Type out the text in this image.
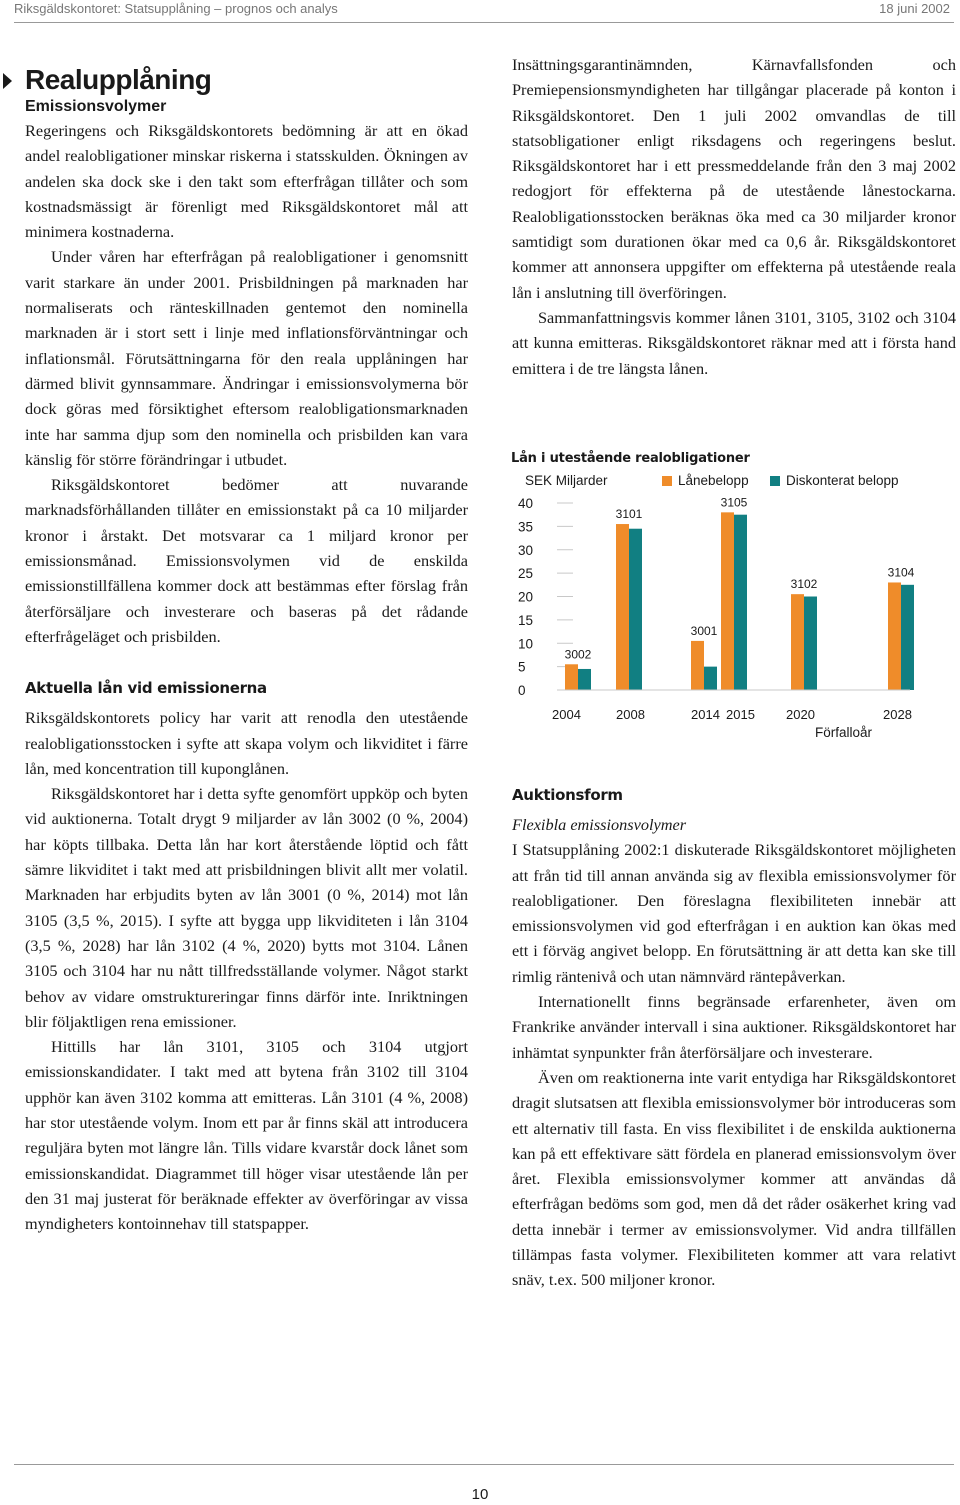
Riksgäldskontoret: Statsupplåning – prognos och analys	18 juni 2002
Realupplåning
Emissionsvolymer

Regeringens och Riksgäldskontorets bedömning är att en ökad andel realobligationer minskar riskerna i statsskulden. Ökningen av andelen ska dock ske i den takt som efterfrågan tillåter och som kostnadsmässigt är förenligt med Riksgäldskontoret mål att minimera kostnaderna.

Under våren har efterfrågan på realobligationer i genomsnitt varit starkare än under 2001. Prisbildningen på marknaden har normaliserats och ränteskillnaden gentemot den nominella marknaden är i stort sett i linje med inflationsförväntningar och inflationsmål. Förutsättningarna för den reala upplåningen har därmed blivit gynnsammare. Ändringar i emissionsvolymerna bör dock göras med försiktighet eftersom realobligationsmarknaden inte har samma djup som den nominella och prisbilden kan vara känslig för större förändringar i utbudet.

Riksgäldskontoret bedömer att nuvarande marknadsförhållanden tillåter en emissionstakt på ca 10 miljarder kronor i årstakt. Det motsvarar ca 1 miljard kronor per emissionsmånad. Emissionsvolymen vid de enskilda emissionstillfällena kommer dock att bestämmas efter förslag från återförsäljare och investerare och baseras på det rådande efterfrågeläget och prisbilden.

Aktuella lån vid emissionerna

Riksgäldskontorets policy har varit att renodla den utestående realobligationsstocken i syfte att skapa volym och likviditet i färre lån, med koncentration till kuponglånen.

Riksgäldskontoret har i detta syfte genomfört uppköp och byten vid auktionerna. Totalt drygt 9 miljarder av lån 3002 (0 %, 2004) har köpts tillbaka. Detta lån har kort återstående löptid och fått sämre likviditet i takt med att prisbildningen blivit allt mer volatil. Marknaden har erbjudits byten av lån 3001 (0 %, 2014) mot lån 3105 (3,5 %, 2015). I syfte att bygga upp likviditeten i lån 3104 (3,5 %, 2028) har lån 3102 (4 %, 2020) bytts mot 3104. Lånen 3105 och 3104 har nu nått tillfredsställande volymer. Något starkt behov av vidare omstruktureringar finns därför inte. Inriktningen blir följaktligen rena emissioner.

Hittills har lån 3101, 3105 och 3104 utgjort emissionskandidater. I takt med att bytena från 3102 till 3104 upphör kan även 3102 komma att emitteras. Lån 3101 (4 %, 2008) har stor utestående volym. Inom ett par år finns skäl att introducera reguljära byten mot längre lån. Tills vidare kvarstår dock lånet som emissionskandidat. Diagrammet till höger visar utestående lån per den 31 maj justerat för beräknade effekter av överföringar av vissa myndigheters kontoinnehav till statspapper.

Insättningsgarantinämnden, Kärnavfallsfonden och Premiepensionsmyndigheten har tillgångar placerade på konton i Riksgäldskontoret. Den 1 juli 2002 omvandlas de till statsobligationer enligt riksdagens och regeringens beslut. Riksgäldskontoret har i ett pressmeddelande från den 3 maj 2002 redogjort för effekterna på de utestående lånestockarna. Realobligationsstocken beräknas öka med ca 30 miljarder kronor samtidigt som durationen ökar med ca 0,6 år. Riksgäldskontoret kommer att annonsera uppgifter om effekterna på utestående reala lån i anslutning till överföringen.

Sammanfattningsvis kommer lånen 3101, 3105, 3102 och 3104 att kunna emitteras. Riksgäldskontoret räknar med att i första hand emittera i de tre längsta lånen.

Lån i utestående realobligationer
SEK Miljarder	Lånebelopp	Diskonterat belopp
0
5
10
15
20
25
30
35
40
3002
3101
3001
3105
3102
3104
2004	2008	2014 2015 2020	2028
Förfalloår
Auktionsform
Flexibla emissionsvolymer

I Statsupplåning 2002:1 diskuterade Riksgäldskontoret möjligheten att från tid till annan använda sig av flexibla emissionsvolymer för realobligationer. Den föreslagna flexibiliteten innebär att emissionsvolymen vid god efterfrågan i en auktion kan ökas med ett i förväg angivet belopp. En förutsättning är att detta kan ske till rimlig räntenivå och utan nämnvärd räntepåverkan.

Internationellt finns begränsade erfarenheter, även om Frankrike använder intervall i sina auktioner. Riksgäldskontoret har inhämtat synpunkter från återförsäljare och investerare.

Även om reaktionerna inte varit entydiga har Riksgäldskontoret dragit slutsatsen att flexibla emissionsvolymer bör introduceras som ett alternativ till fasta. En viss flexibilitet i de enskilda auktionerna kan på ett effektivare sätt fördela en planerad emissionsvolym över året. Flexibla emissionsvolymer kommer att användas då efterfrågan bedöms som god, men då det råder osäkerhet kring vad detta innebär i termer av emissionsvolymer. Vid andra tillfällen tillämpas fasta volymer. Flexibiliteten kommer att vara relativt snäv, t.ex. 500 miljoner kronor.

10
